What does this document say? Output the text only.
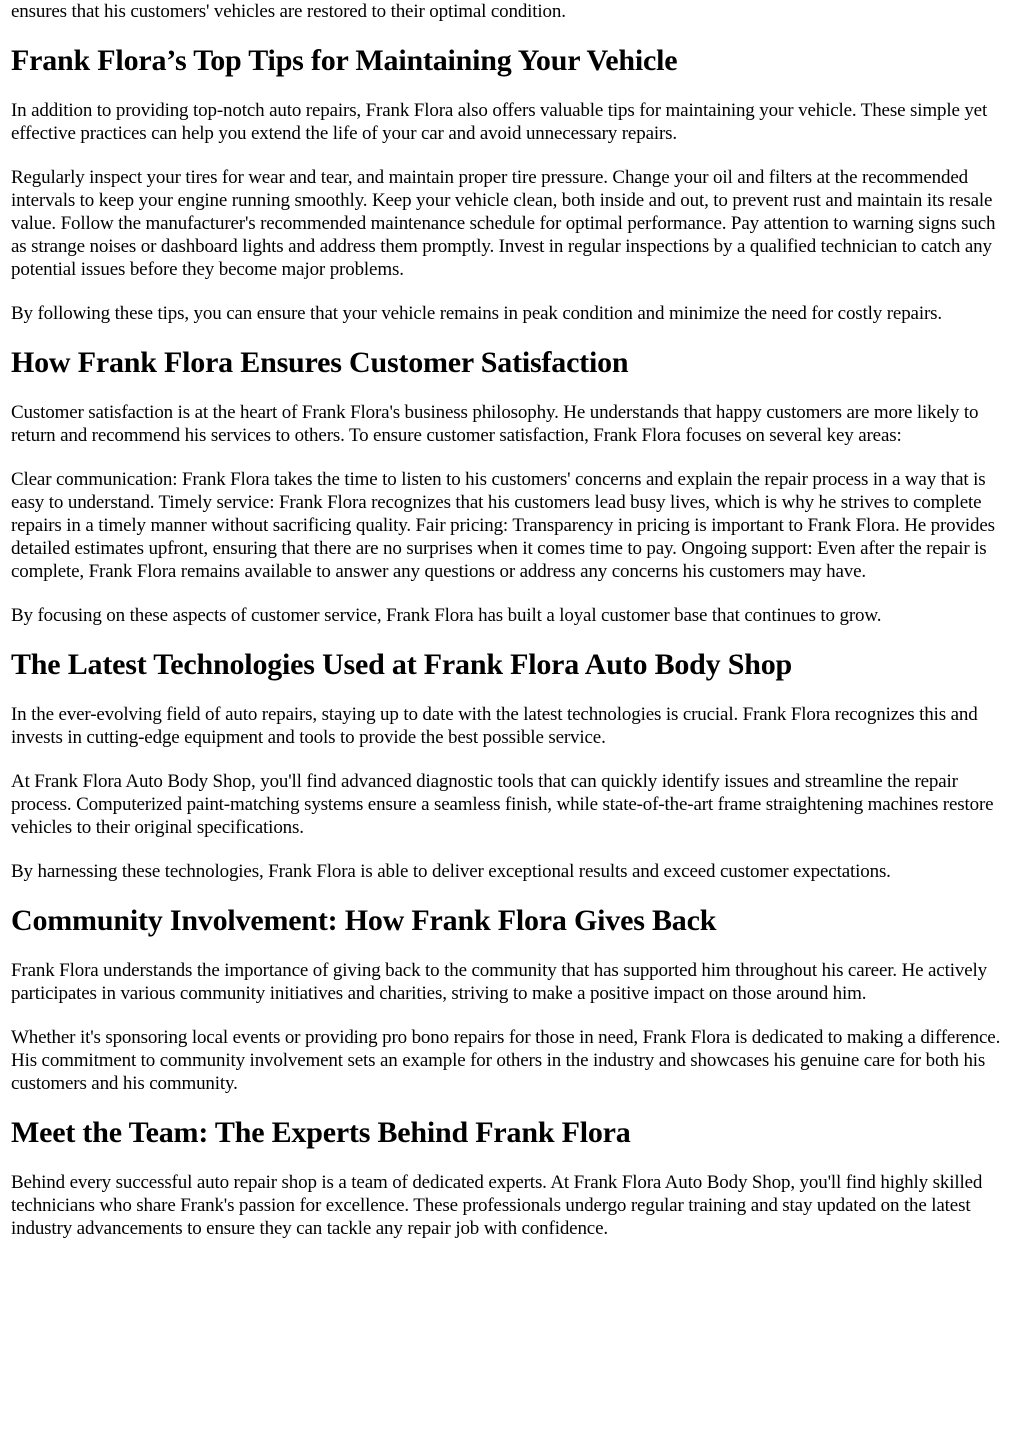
ensures that his customers' vehicles are restored to their optimal condition.

Frank Flora’s Top Tips for Maintaining Your Vehicle

In addition to providing top-notch auto repairs, Frank Flora also offers valuable tips for maintaining your vehicle. These simple yet effective practices can help you extend the life of your car and avoid unnecessary repairs.

Regularly inspect your tires for wear and tear, and maintain proper tire pressure. Change your oil and filters at the recommended intervals to keep your engine running smoothly. Keep your vehicle clean, both inside and out, to prevent rust and maintain its resale value. Follow the manufacturer's recommended maintenance schedule for optimal performance. Pay attention to warning signs such as strange noises or dashboard lights and address them promptly. Invest in regular inspections by a qualified technician to catch any potential issues before they become major problems.

By following these tips, you can ensure that your vehicle remains in peak condition and minimize the need for costly repairs.

How Frank Flora Ensures Customer Satisfaction

Customer satisfaction is at the heart of Frank Flora's business philosophy. He understands that happy customers are more likely to return and recommend his services to others. To ensure customer satisfaction, Frank Flora focuses on several key areas:

Clear communication: Frank Flora takes the time to listen to his customers' concerns and explain the repair process in a way that is easy to understand. Timely service: Frank Flora recognizes that his customers lead busy lives, which is why he strives to complete repairs in a timely manner without sacrificing quality. Fair pricing: Transparency in pricing is important to Frank Flora. He provides detailed estimates upfront, ensuring that there are no surprises when it comes time to pay. Ongoing support: Even after the repair is complete, Frank Flora remains available to answer any questions or address any concerns his customers may have.

By focusing on these aspects of customer service, Frank Flora has built a loyal customer base that continues to grow.

The Latest Technologies Used at Frank Flora Auto Body Shop

In the ever-evolving field of auto repairs, staying up to date with the latest technologies is crucial. Frank Flora recognizes this and invests in cutting-edge equipment and tools to provide the best possible service.

At Frank Flora Auto Body Shop, you'll find advanced diagnostic tools that can quickly identify issues and streamline the repair process. Computerized paint-matching systems ensure a seamless finish, while state-of-the-art frame straightening machines restore vehicles to their original specifications.

By harnessing these technologies, Frank Flora is able to deliver exceptional results and exceed customer expectations.

Community Involvement: How Frank Flora Gives Back

Frank Flora understands the importance of giving back to the community that has supported him throughout his career. He actively participates in various community initiatives and charities, striving to make a positive impact on those around him.

Whether it's sponsoring local events or providing pro bono repairs for those in need, Frank Flora is dedicated to making a difference. His commitment to community involvement sets an example for others in the industry and showcases his genuine care for both his customers and his community.

Meet the Team: The Experts Behind Frank Flora

Behind every successful auto repair shop is a team of dedicated experts. At Frank Flora Auto Body Shop, you'll find highly skilled technicians who share Frank's passion for excellence. These professionals undergo regular training and stay updated on the latest industry advancements to ensure they can tackle any repair job with confidence.
